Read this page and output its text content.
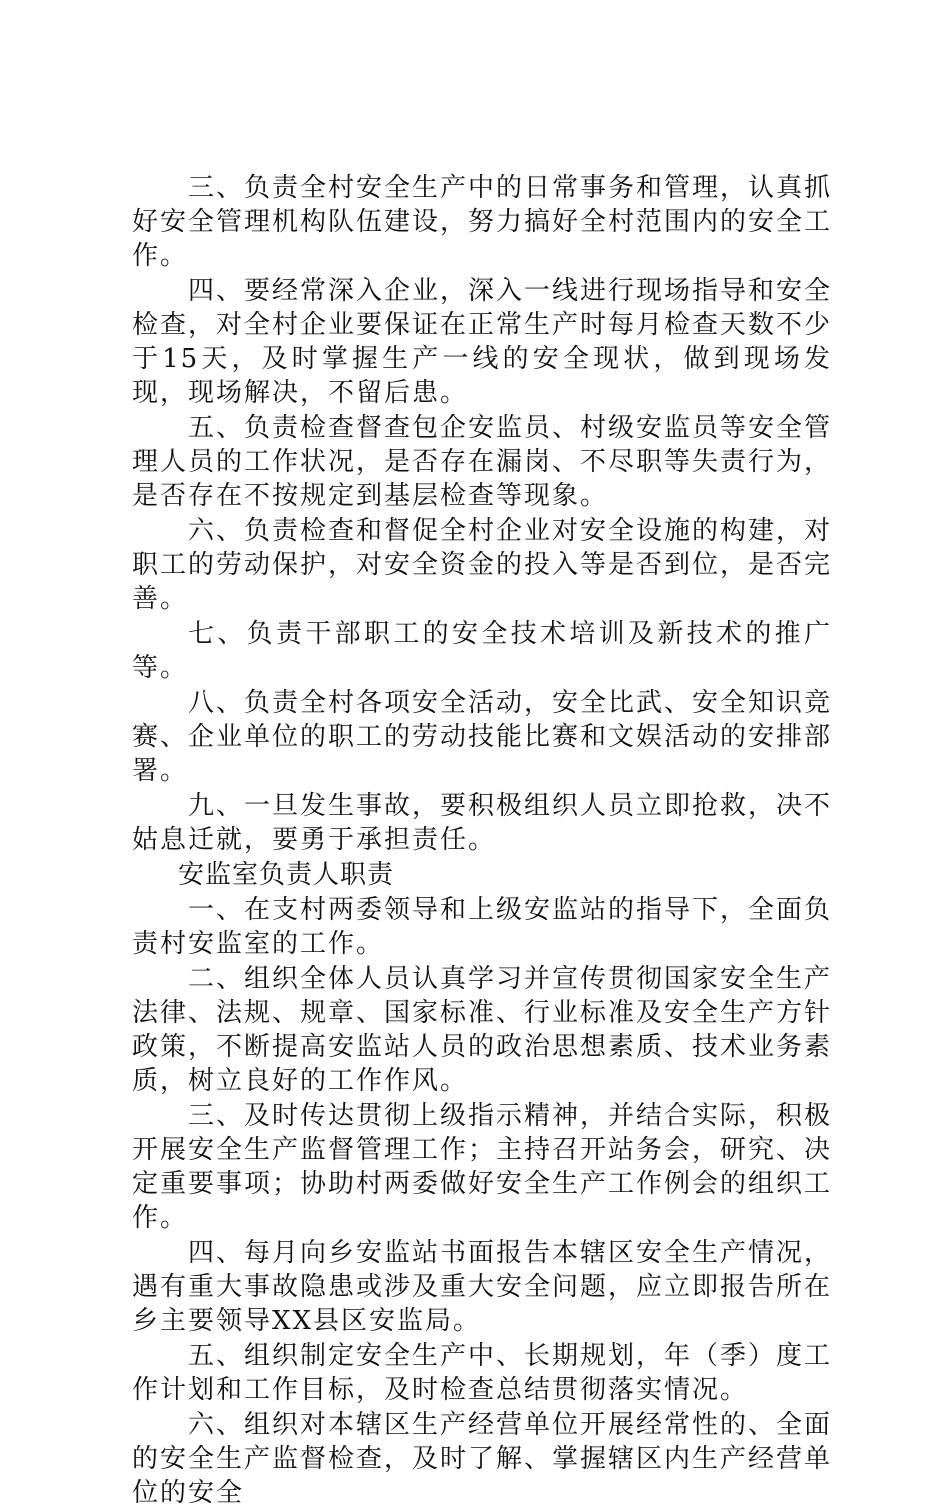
三、负责全村安全生产中的日常事务和管理，认真抓好安全管理机构队伍建设，努力搞好全村范围内的安全工作。

四、要经常深入企业，深入一线进行现场指导和安全检查，对全村企业要保证在正常生产时每月检查天数不少于15天，及时掌握生产一线的安全现状，做到现场发现，现场解决，不留后患。

五、负责检查督查包企安监员、村级安监员等安全管理人员的工作状况，是否存在漏岗、不尽职等失责行为，是否存在不按规定到基层检查等现象。

六、负责检查和督促全村企业对安全设施的构建，对职工的劳动保护，对安全资金的投入等是否到位，是否完善。

七、负责干部职工的安全技术培训及新技术的推广等。

八、负责全村各项安全活动，安全比武、安全知识竞赛、企业单位的职工的劳动技能比赛和文娱活动的安排部署。

九、一旦发生事故，要积极组织人员立即抢救，决不姑息迁就，要勇于承担责任。

安监室负责人职责

一、在支村两委领导和上级安监站的指导下，全面负责村安监室的工作。

二、组织全体人员认真学习并宣传贯彻国家安全生产法律、法规、规章、国家标准、行业标准及安全生产方针政策，不断提高安监站人员的政治思想素质、技术业务素质，树立良好的工作作风。

三、及时传达贯彻上级指示精神，并结合实际，积极开展安全生产监督管理工作；主持召开站务会，研究、决定重要事项；协助村两委做好安全生产工作例会的组织工作。

四、每月向乡安监站书面报告本辖区安全生产情况，遇有重大事故隐患或涉及重大安全问题，应立即报告所在乡主要领导XX县区安监局。

五、组织制定安全生产中、长期规划，年（季）度工作计划和工作目标，及时检查总结贯彻落实情况。

六、组织对本辖区生产经营单位开展经常性的、全面的安全生产监督检查，及时了解、掌握辖区内生产经营单位的安全
